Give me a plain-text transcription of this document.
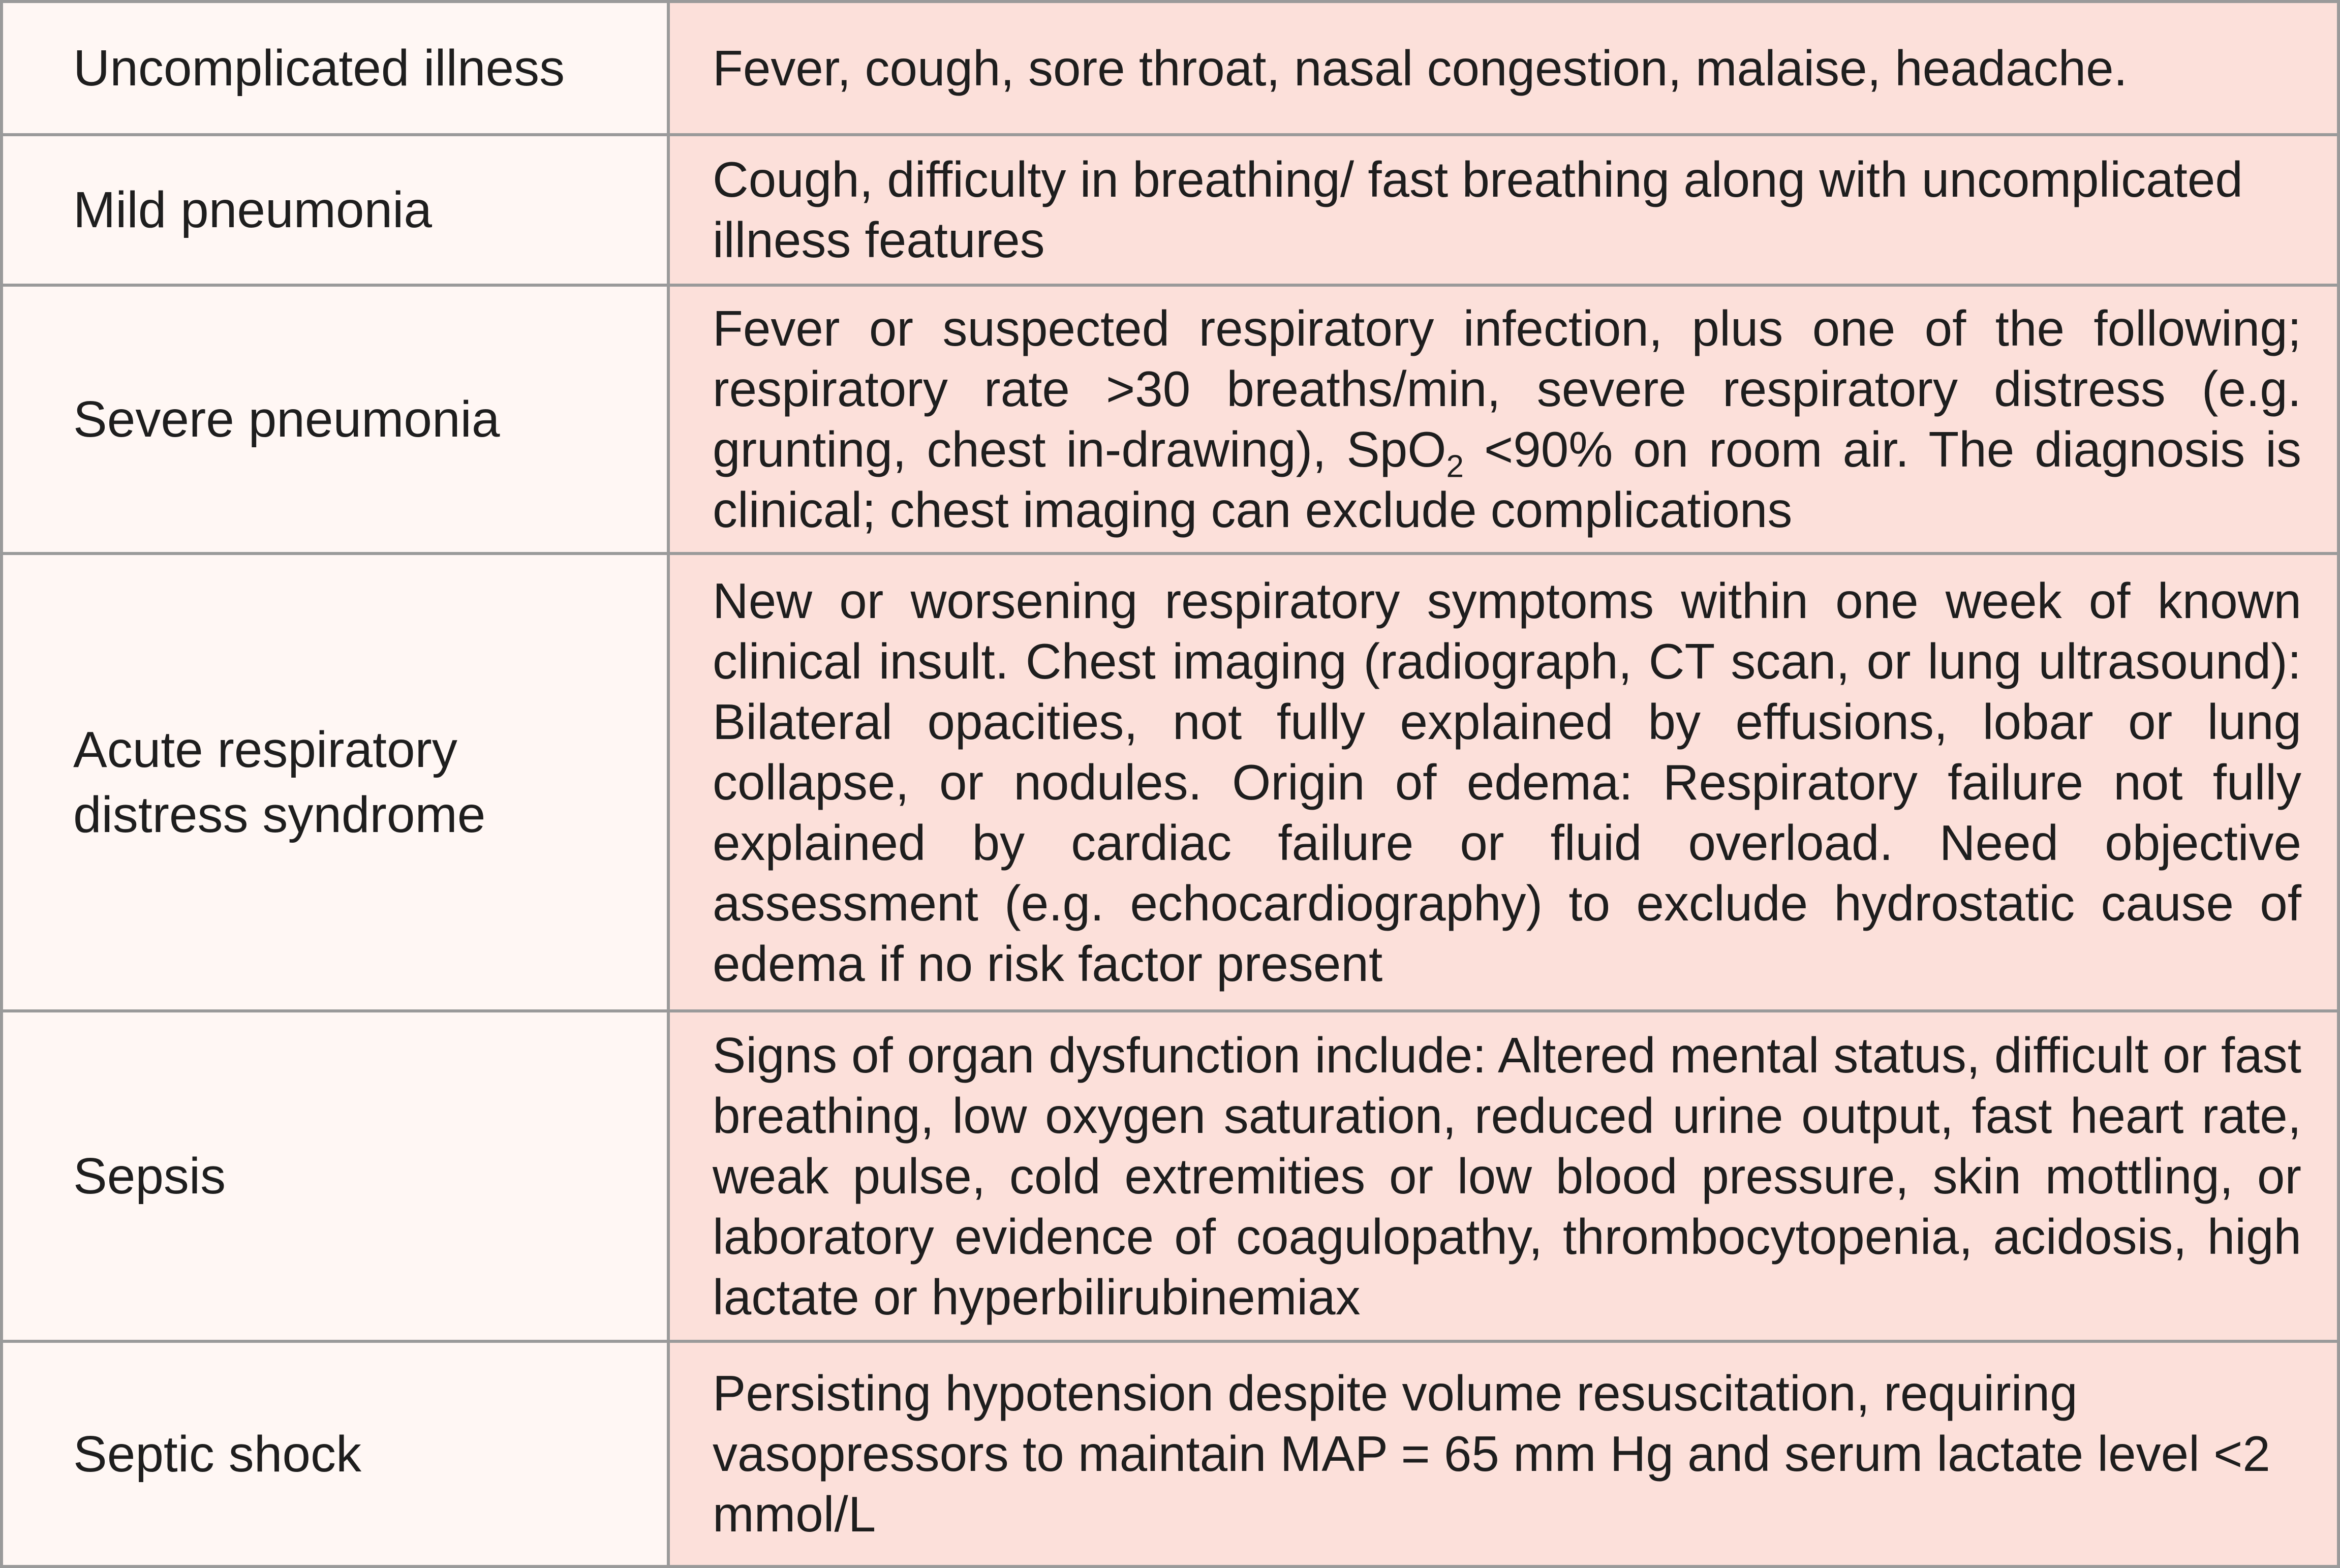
Uncomplicated illness	Fever, cough, sore throat, nasal congestion, malaise, headache.
Mild pneumonia	Cough, difficulty in breathing/ fast breathing along with uncomplicated illness features
Severe pneumonia	Fever or suspected respiratory infection, plus one of the following; respiratory rate >30 breaths/min, severe respiratory distress (e.g. grunting, chest in-drawing), SpO$_2$ <90% on room air. The diagnosis is clinical; chest imaging can exclude complications
Acute respiratory distress syndrome	New or worsening respiratory symptoms within one week of known clinical insult. Chest imaging (radiograph, CT scan, or lung ultrasound): Bilateral opacities, not fully explained by effusions, lobar or lung collapse, or nodules. Origin of edema: Respiratory failure not fully explained by cardiac failure or fluid overload. Need objective assessment (e.g. echocardiography) to exclude hydrostatic cause of edema if no risk factor present
Sepsis	Signs of organ dysfunction include: Altered mental status, difficult or fast breathing, low oxygen saturation, reduced urine output, fast heart rate, weak pulse, cold extremities or low blood pressure, skin mottling, or laboratory evidence of coagulopathy, thrombocytopenia, acidosis, high lactate or hyperbilirubinemiax
Septic shock	Persisting hypotension despite volume resuscitation, requiring vasopressors to maintain MAP = 65 mm Hg and serum lactate level <2 mmol/L
